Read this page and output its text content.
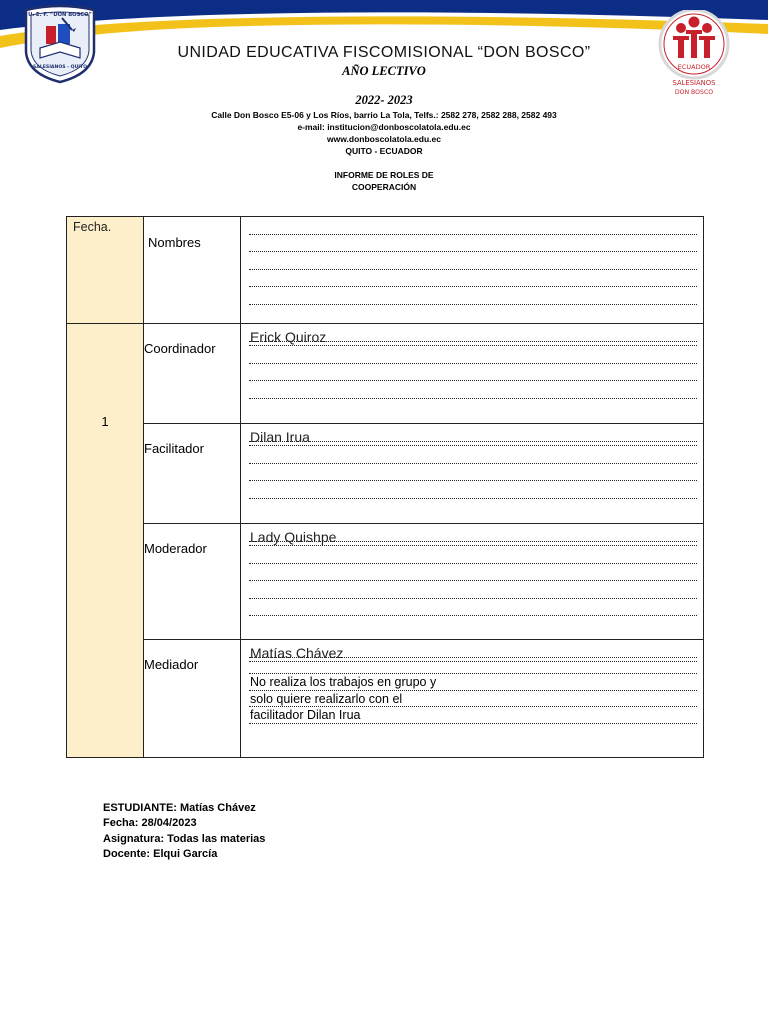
U. E. F. “DON BOSCO”
SALESIANOS - QUITO	ECUADOR
SALESIANOS
DON BOSCO
UNIDAD EDUCATIVA FISCOMISIONAL “DON BOSCO”
AÑO LECTIVO
2022- 2023
Calle Don Bosco E5-06 y Los Ríos, barrio La Tola, Telfs.: 2582 278, 2582 288, 2582 493
e-mail: institucion@donboscolatola.edu.ec
www.donboscolatola.edu.ec
QUITO - ECUADOR
INFORME DE ROLES DE
COOPERACIÓN
Fecha.	Nombres	

1	Coordinador	Erick Quiroz

	Facilitador	Dilan Irua

	Moderador	Lady Quishpe

	Mediador	Matías Chávez
No realiza los trabajos en grupo y
solo quiere realizarlo con el
facilitador Dilan Irua
ESTUDIANTE: Matías Chávez
Fecha: 28/04/2023
Asignatura: Todas las materias
Docente: Elqui García
